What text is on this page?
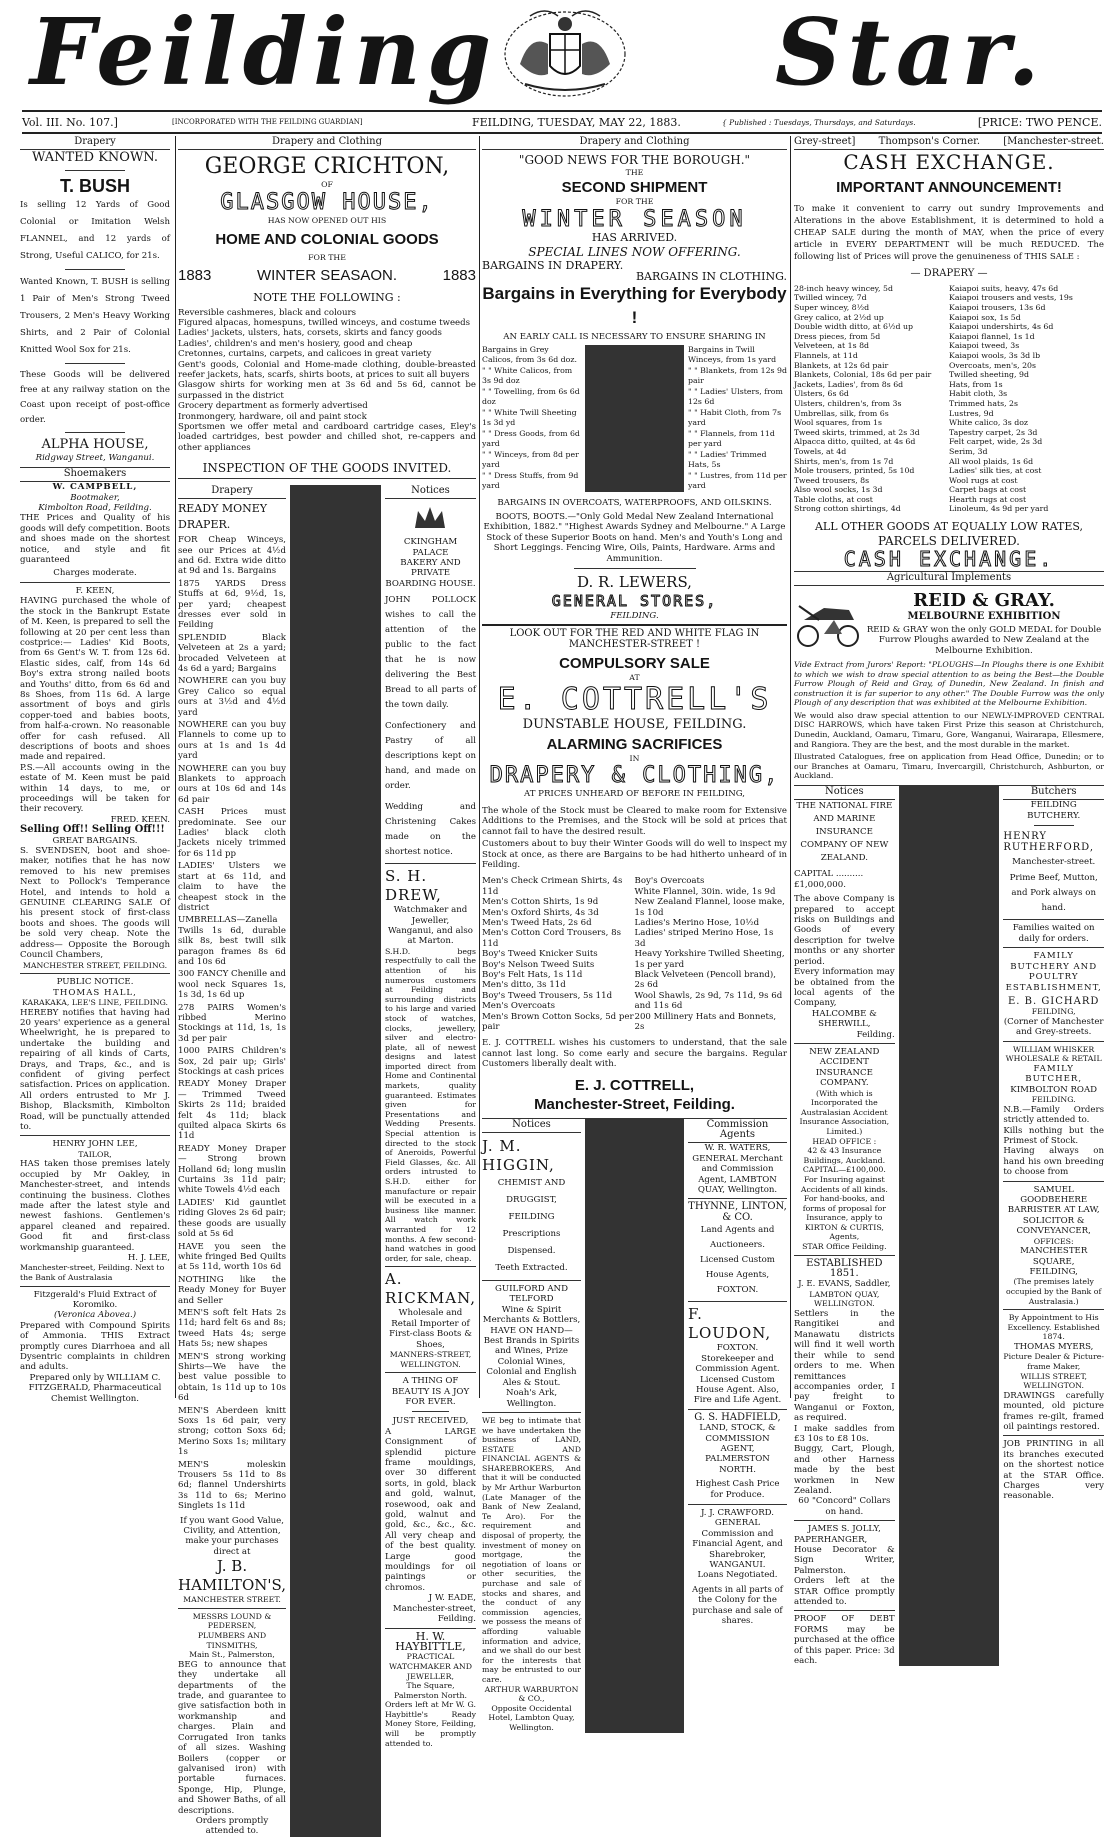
Feilding	Star.
Vol. III. No. 107.]	[INCORPORATED WITH THE FEILDING GUARDIAN]	FEILDING, TUESDAY, MAY 22, 1883.	{ Published : Tuesdays, Thursdays, and Saturdays.	[PRICE: TWO PENCE.
Drapery
WANTED KNOWN.
T. BUSH
Is selling 12 Yards of Good Colonial or Imitation Welsh FLANNEL, and 12 yards of Strong, Useful CALICO, for 21s.
Wanted Known, T. BUSH is selling 1 Pair of Men's Strong Tweed Trousers, 2 Men's Heavy Working Shirts, and 2 Pair of Colonial Knitted Wool Sox for 21s.
These Goods will be delivered free at any railway station on the Coast upon receipt of post-office order.
ALPHA HOUSE,
Ridgway Street, Wanganui.
Shoemakers
W. CAMPBELL,
Bootmaker,
Kimbolton Road, Feilding.
THE Prices and Quality of his goods will defy competition. Boots and shoes made on the shortest notice, and style and fit guaranteed
Charges moderate.
F. KEEN,
HAVING purchased the whole of the stock in the Bankrupt Estate of M. Keen, is prepared to sell the following at 20 per cent less than costprice:— Ladies' Kid Boots, from 6s Gent's W. T. from 12s 6d. Elastic sides, calf, from 14s 6d Boy's extra strong nailed boots and Youths' ditto, from 6s 6d and 8s Shoes, from 11s 6d. A large assortment of boys and girls copper-toed and babies boots, from half-a-crown. No reasonable offer for cash refused. All descriptions of boots and shoes made and repaired.
P.S.—All accounts owing in the estate of M. Keen must be paid within 14 days, to me, or proceedings will be taken for their recovery.
FRED. KEEN.
Selling Off!! Selling Off!!!
GREAT BARGAINS.
S. SVENDSEN, boot and shoe-maker, notifies that he has now removed to his new premises Next to Pollock's Temperance Hotel, and intends to hold a GENUINE CLEARING SALE Of his present stock of first-class boots and shoes. The goods will be sold very cheap. Note the address— Opposite the Borough Council Chambers,
MANCHESTER STREET, FEILDING.
PUBLIC NOTICE.
THOMAS HALL,
KARAKAKA, LEE'S LINE, FEILDING.
HEREBY notifies that having had 20 years' experience as a general Wheelwright, he is prepared to undertake the building and repairing of all kinds of Carts, Drays, and Traps, &c., and is confident of giving perfect satisfaction. Prices on application. All orders entrusted to Mr J. Bishop, Blacksmith, Kimbolton Road, will be punctually attended to.
HENRY JOHN LEE,
TAILOR,
HAS taken those premises lately occupied by Mr Oakley, in Manchester-street, and intends continuing the business. Clothes made after the latest style and newest fashions. Gentlemen's apparel cleaned and repaired. Good fit and first-class workmanship guaranteed.
H. J. LEE,
Manchester-street, Feilding. Next to the Bank of Australasia
Fitzgerald's Fluid Extract of Koromiko.
(Veronica Abovea.)
Prepared with Compound Spirits of Ammonia. THIS Extract promptly cures Diarrhoea and all Dysentric complaints in children and adults.
Prepared only by WILLIAM C. FITZGERALD, Pharmaceutical Chemist Wellington.
Drapery and Clothing
GEORGE CRICHTON,
OF
GLASGOW HOUSE,
HAS NOW OPENED OUT HIS
HOME AND COLONIAL GOODS
FOR THE
1883	WINTER SEASAON.	1883
NOTE THE FOLLOWING :
Reversible cashmeres, black and colours
Figured alpacas, homespuns, twilled winceys, and costume tweeds
Ladies' jackets, ulsters, hats, corsets, skirts and fancy goods
Ladies', children's and men's hosiery, good and cheap
Cretonnes, curtains, carpets, and calicoes in great variety
Gent's goods, Colonial and Home-made clothing, double-breasted reefer jackets, hats, scarfs, shirts boots, at prices to suit all buyers
Glasgow shirts for working men at 3s 6d and 5s 6d, cannot be surpassed in the district
Grocery department as formerly advertised
Ironmongery, hardware, oil and paint stock
Sportsmen we offer metal and cardboard cartridge cases, Eley's loaded cartridges, best powder and chilled shot, re-cappers and other appliances
INSPECTION OF THE GOODS INVITED.
Drapery
READY MONEY DRAPER.
FOR Cheap Winceys, see our Prices at 4½d and 6d. Extra wide ditto at 9d and 1s. Bargains
1875 YARDS Dress Stuffs at 6d, 9½d, 1s, per yard; cheapest dresses ever sold in Feilding
SPLENDID Black Velveteen at 2s a yard; brocaded Velveteen at 4s 6d a yard; Bargains
NOWHERE can you buy Grey Calico so equal ours at 3½d and 4½d yard
NOWHERE can you buy Flannels to come up to ours at 1s and 1s 4d yard
NOWHERE can you buy Blankets to approach ours at 10s 6d and 14s 6d pair
CASH Prices must predominate. See our Ladies' black cloth Jackets nicely trimmed for 6s 11d pp
LADIES' Ulsters we start at 6s 11d, and claim to have the cheapest stock in the district
UMBRELLAS—Zanella Twills 1s 6d, durable silk 8s, best twill silk paragon frames 8s 6d and 10s 6d
300 FANCY Chenille and wool neck Squares 1s, 1s 3d, 1s 6d up
278 PAIRS Women's ribbed Merino Stockings at 11d, 1s, 1s 3d per pair
1000 PAIRS Children's Sox, 2d pair up; Girls' Stockings at cash prices
READY Money Draper — Trimmed Tweed Skirts 2s 11d; braided felt 4s 11d; black quilted alpaca Skirts 6s 11d
READY Money Draper — Strong brown Holland 6d; long muslin Curtains 3s 11d pair; white Towels 4½d each
LADIES' Kid gauntlet riding Gloves 2s 6d pair; these goods are usually sold at 5s 6d
HAVE you seen the white fringed Bed Quilts at 5s 11d, worth 10s 6d
NOTHING like the Ready Money for Buyer and Seller
MEN'S soft felt Hats 2s 11d; hard felt 6s and 8s; tweed Hats 4s; serge Hats 5s; new shapes
MEN'S strong working Shirts—We have the best value possible to obtain, 1s 11d up to 10s 6d
MEN'S Aberdeen knitt Soxs 1s 6d pair, very strong; cotton Soxs 6d; Merino Soxs 1s; military 1s
MEN'S moleskin Trousers 5s 11d to 8s 6d; flannel Undershirts 3s 11d to 6s; Merino Singlets 1s 11d
If you want Good Value, Civility, and Attention, make your purchases direct at
J. B. HAMILTON'S,
MANCHESTER STREET.
MESSRS LOUND & PEDERSEN,
PLUMBERS AND TINSMITHS,
Main St., Palmerston,
BEG to announce that they undertake all departments of the trade, and guarantee to give satisfaction both in workmanship and charges. Plain and Corrugated Iron tanks of all sizes. Washing Boilers (copper or galvanised iron) with portable furnaces. Sponge, Hip, Plunge, and Shower Baths, of all descriptions.
Orders promptly attended to.
Notices
CKINGHAM PALACE
BAKERY AND
PRIVATE BOARDING HOUSE.
JOHN POLLOCK wishes to call the attention of the public to the fact that he is now delivering the Best Bread to all parts of the town daily.
Confectionery and Pastry of all descriptions kept on hand, and made on order.
Wedding and Christening Cakes made on the shortest notice.
S. H. DREW,
Watchmaker and Jeweller,
Wanganui, and also at Marton.
S.H.D. begs respectfully to call the attention of his numerous customers at Feilding and surrounding districts to his large and varied stock of watches, clocks, jewellery, silver and electro-plate, all of newest designs and latest imported direct from Home and Continental markets, quality guaranteed. Estimates given for Presentations and Wedding Presents. Special attention is directed to the stock of Aneroids, Powerful Field Glasses, &c. All orders intrusted to S.H.D. either for manufacture or repair will be executed in a business like manner. All watch work warranted for 12 months. A few second-hand watches in good order, for sale, cheap.
A. RICKMAN,
Wholesale and Retail Importer of First-class Boots & Shoes,
MANNERS-STREET, WELLINGTON.
A THING OF BEAUTY IS A JOY FOR EVER.
JUST RECEIVED,
A LARGE Consignment of splendid picture frame mouldings, over 30 different sorts, in gold, black and gold, walnut, rosewood, oak and gold, walnut and gold, &c., &c., &c. All very cheap and of the best quality. Large good mouldings for oil paintings or chromos.
J W. EADE,
Manchester-street, Feilding.
H. W. HAYBITTLE,
PRACTICAL WATCHMAKER AND JEWELLER,
The Square, Palmerston North.
Orders left at Mr W. G. Haybittle's Ready Money Store, Feilding, will be promptly attended to.
Drapery and Clothing
"GOOD NEWS FOR THE BOROUGH."
THE
SECOND SHIPMENT
FOR THE
WINTER SEASON
HAS ARRIVED.
SPECIAL LINES NOW OFFERING.
BARGAINS IN DRAPERY.
BARGAINS IN CLOTHING.
Bargains in Everything for Everybody !
AN EARLY CALL IS NECESSARY TO ENSURE SHARING IN
Bargains in Grey Calicos, from 3s 6d doz.
" " White Calicos, from 3s 9d doz
" " Towelling, from 6s 6d doz
" " White Twill Sheeting 1s 3d yd
" " Dress Goods, from 6d yard
" " Winceys, from 8d per yard
" " Dress Stuffs, from 9d yard
Bargains in Twill Winceys, from 1s yard
" " Blankets, from 12s 9d pair
" " Ladies' Ulsters, from 12s 6d
" " Habit Cloth, from 7s yard
" " Flannels, from 11d per yard
" " Ladies' Trimmed Hats, 5s
" " Lustres, from 11d per yard
BARGAINS IN OVERCOATS, WATERPROOFS, AND OILSKINS.
BOOTS, BOOTS.—"Only Gold Medal New Zealand International Exhibition, 1882." "Highest Awards Sydney and Melbourne." A Large Stock of these Superior Boots on hand. Men's and Youth's Long and Short Leggings. Fencing Wire, Oils, Paints, Hardware. Arms and Ammunition.
D. R. LEWERS,
GENERAL STORES,
FEILDING.
LOOK OUT FOR THE RED AND WHITE FLAG IN MANCHESTER-STREET !
COMPULSORY SALE
AT
E. COTTRELL'S
DUNSTABLE HOUSE, FEILDING.
ALARMING SACRIFICES
IN
DRAPERY & CLOTHING,
AT PRICES UNHEARD OF BEFORE IN FEILDING,
The whole of the Stock must be Cleared to make room for Extensive Additions to the Premises, and the Stock will be sold at prices that cannot fail to have the desired result.
Customers about to buy their Winter Goods will do well to inspect my Stock at once, as there are Bargains to be had hitherto unheard of in Feilding.
Men's Check Crimean Shirts, 4s 11d
Men's Cotton Shirts, 1s 9d
Men's Oxford Shirts, 4s 3d
Men's Tweed Hats, 2s 6d
Men's Cotton Cord Trousers, 8s 11d
Boy's Tweed Knicker Suits
Boy's Nelson Tweed Suits
Boy's Felt Hats, 1s 11d
Men's ditto, 3s 11d
Boy's Tweed Trousers, 5s 11d
Men's Overcoats
Men's Brown Cotton Socks, 5d per pair
Boy's Overcoats
White Flannel, 30in. wide, 1s 9d
New Zealand Flannel, loose make, 1s 10d
Ladies's Merino Hose, 10½d
Ladies' striped Merino Hose, 1s 3d
Heavy Yorkshire Twilled Sheeting, 1s per yard
Black Velveteen (Pencoll brand), 2s 6d
Wool Shawls, 2s 9d, 7s 11d, 9s 6d and 11s 6d
200 Millinery Hats and Bonnets, 2s
E. J. COTTRELL wishes his customers to understand, that the sale cannot last long. So come early and secure the bargains. Regular Customers liberally dealt with.
E. J. COTTRELL,
Manchester-Street, Feilding.
Notices
J. M. HIGGIN,
CHEMIST AND DRUGGIST,
FEILDING
Prescriptions Dispensed.
Teeth Extracted.
GUILFORD AND TELFORD
Wine & Spirit Merchants & Bottlers, HAVE ON HAND— Best Brands in Spirits and Wines, Prize Colonial Wines, Colonial and English Ales & Stout.
Noah's Ark, Wellington.
WE beg to intimate that we have undertaken the business of LAND, ESTATE AND FINANCIAL AGENTS & SHAREBROKERS, And that it will be conducted by Mr Arthur Warburton (Late Manager of the Bank of New Zealand, Te Aro). For the requirement and disposal of property, the investment of money on mortgage, the negotiation of loans or other securities, the purchase and sale of stocks and shares, and the conduct of any commission agencies, we possess the means of affording valuable information and advice, and we shall do our best for the interests that may be entrusted to our care.
ARTHUR WARBURTON & CO.,
Opposite Occidental Hotel, Lambton Quay, Wellington.
Commission Agents
W. R. WATERS,
GENERAL Merchant and Commission Agent, LAMBTON QUAY, Wellington.
THYNNE, LINTON, & CO.
Land Agents and Auctioneers.
Licensed Custom House Agents, FOXTON.
F. LOUDON,
FOXTON.
Storekeeper and Commission Agent. Licensed Custom House Agent. Also, Fire and Life Agent.
G. S. HADFIELD,
LAND, STOCK, & COMMISSION AGENT, PALMERSTON NORTH.
Highest Cash Price for Produce.
J. J. CRAWFORD.
GENERAL Commission and Financial Agent, and Sharebroker,
WANGANUI.
Loans Negotiated.
Agents in all parts of the Colony for the purchase and sale of shares.
Grey-street] Thompson's Corner. [Manchester-street.
CASH EXCHANGE.
IMPORTANT ANNOUNCEMENT!
To make it convenient to carry out sundry Improvements and Alterations in the above Establishment, it is determined to hold a CHEAP SALE during the month of MAY, when the price of every article in EVERY DEPARTMENT will be much REDUCED. The following list of Prices will prove the genuineness of THIS SALE :
— DRAPERY —
28-inch heavy wincey, 5d
Twilled wincey, 7d
Super wincey, 8½d
Grey calico, at 2½d up
Double width ditto, at 6½d up
Dress pieces, from 5d
Velveteen, at 1s 8d
Flannels, at 11d
Blankets, at 12s 6d pair
Blankets, Colonial, 18s 6d per pair
Jackets, Ladies', from 8s 6d
Ulsters, 6s 6d
Ulsters, children's, from 3s
Umbrellas, silk, from 6s
Wool squares, from 1s
Tweed skirts, trimmed, at 2s 3d
Alpacca ditto, quilted, at 4s 6d
Towels, at 4d
Shirts, men's, from 1s 7d
Mole trousers, printed, 5s 10d
Tweed trousers, 8s
Also wool socks, 1s 3d
Table cloths, at cost
Strong cotton shirtings, 4d
Kaiapoi suits, heavy, 47s 6d
Kaiapoi trousers and vests, 19s
Kaiapoi trousers, 13s 6d
Kaiapoi sox, 1s 5d
Kaiapoi undershirts, 4s 6d
Kaiapoi flannel, 1s 1d
Kaiapoi tweed, 3s
Kaiapoi wools, 3s 3d lb
Overcoats, men's, 20s
Twilled sheeting, 9d
Hats, from 1s
Habit cloth, 3s
Trimmed hats, 2s
Lustres, 9d
White calico, 3s doz
Tapestry carpet, 2s 3d
Felt carpet, wide, 2s 3d
Serim, 3d
All wool plaids, 1s 6d
Ladies' silk ties, at cost
Wool rugs at cost
Carpet bags at cost
Hearth rugs at cost
Linoleum, 4s 9d per yard
ALL OTHER GOODS AT EQUALLY LOW RATES,
PARCELS DELIVERED.
CASH EXCHANGE.
Agricultural Implements
REID & GRAY.
MELBOURNE EXHIBITION
REID & GRAY won the only GOLD MEDAL for Double Furrow Ploughs awarded to New Zealand at the Melbourne Exhibition.
Vide Extract from Jurors' Report: "PLOUGHS—In Ploughs there is one Exhibit to which we wish to draw special attention to as being the Best—the Double Furrow Plough of Reid and Gray, of Dunedin, New Zealand. In finish and construction it is far superior to any other." The Double Furrow was the only Plough of any description that was exhibited at the Melbourne Exhibition.
We would also draw special attention to our NEWLY-IMPROVED CENTRAL DISC HARROWS, which have taken First Prize this season at Christchurch, Dunedin, Auckland, Oamaru, Timaru, Gore, Wanganui, Wairarapa, Ellesmere, and Rangiora. They are the best, and the most durable in the market.
Illustrated Catalogues, free on application from Head Office, Dunedin; or to our Branches at Oamaru, Timaru, Invercargill, Christchurch, Ashburton, or Auckland.
Notices
THE NATIONAL FIRE AND MARINE INSURANCE COMPANY OF NEW ZEALAND.
CAPITAL .......... £1,000,000.
The above Company is prepared to accept risks on Buildings and Goods of every description for twelve months or any shorter period.
Every information may be obtained from the local agents of the Company,
HALCOMBE & SHERWILL,
Feilding.
NEW ZEALAND ACCIDENT INSURANCE COMPANY.
(With which is Incorporated the Australasian Accident Insurance Association, Limited.)
HEAD OFFICE :
42 & 43 Insurance Buildings, Auckland.
CAPITAL—£100,000.
For Insuring against Accidents of all kinds.
For hand-books, and forms of proposal for Insurance, apply to
KIRTON & CURTIS, Agents,
STAR Office Feilding.
ESTABLISHED 1851.
J. E. EVANS, Saddler,
LAMBTON QUAY, WELLINGTON.
Settlers in the Rangitikei and Manawatu districts will find it well worth their while to send orders to me. When remittances accompanies order, I pay freight to Wanganui or Foxton, as required.
I make saddles from £3 10s to £8 10s.
Buggy, Cart, Plough, and other Harness made by the best workmen in New Zealand.
60 "Concord" Collars on hand.
JAMES S. JOLLY,
PAPERHANGER, House Decorator & Sign Writer, Palmerston.
Orders left at the STAR Office promptly attended to.
PROOF OF DEBT FORMS may be purchased at the office of this paper. Price: 3d each.
Butchers
FEILDING BUTCHERY.
HENRY RUTHERFORD,
Manchester-street.
Prime Beef, Mutton, and Pork always on hand.
Families waited on daily for orders.
FAMILY BUTCHERY AND POULTRY ESTABLISHMENT,
E. B. GICHARD
FEILDING,
(Corner of Manchester and Grey-streets.
WILLIAM WHISKER
WHOLESALE & RETAIL
FAMILY BUTCHER,
KIMBOLTON ROAD
FEILDING.
N.B.—Family Orders strictly attended to.
Kills nothing but the Primest of Stock.
Having always on hand his own breeding to choose from
SAMUEL GOODBEHERE
BARRISTER AT LAW,
SOLICITOR & CONVEYANCER,
OFFICES:
MANCHESTER SQUARE,
FEILDING,
(The premises lately occupied by the Bank of Australasia.)
By Appointment to His Excellency. Established 1874.
THOMAS MYERS,
Picture Dealer & Picture-frame Maker,
WILLIS STREET, WELLINGTON.
DRAWINGS carefully mounted, old picture frames re-gilt, framed oil paintings restored.
JOB PRINTING in all its branches executed on the shortest notice at the STAR Office. Charges very reasonable.
